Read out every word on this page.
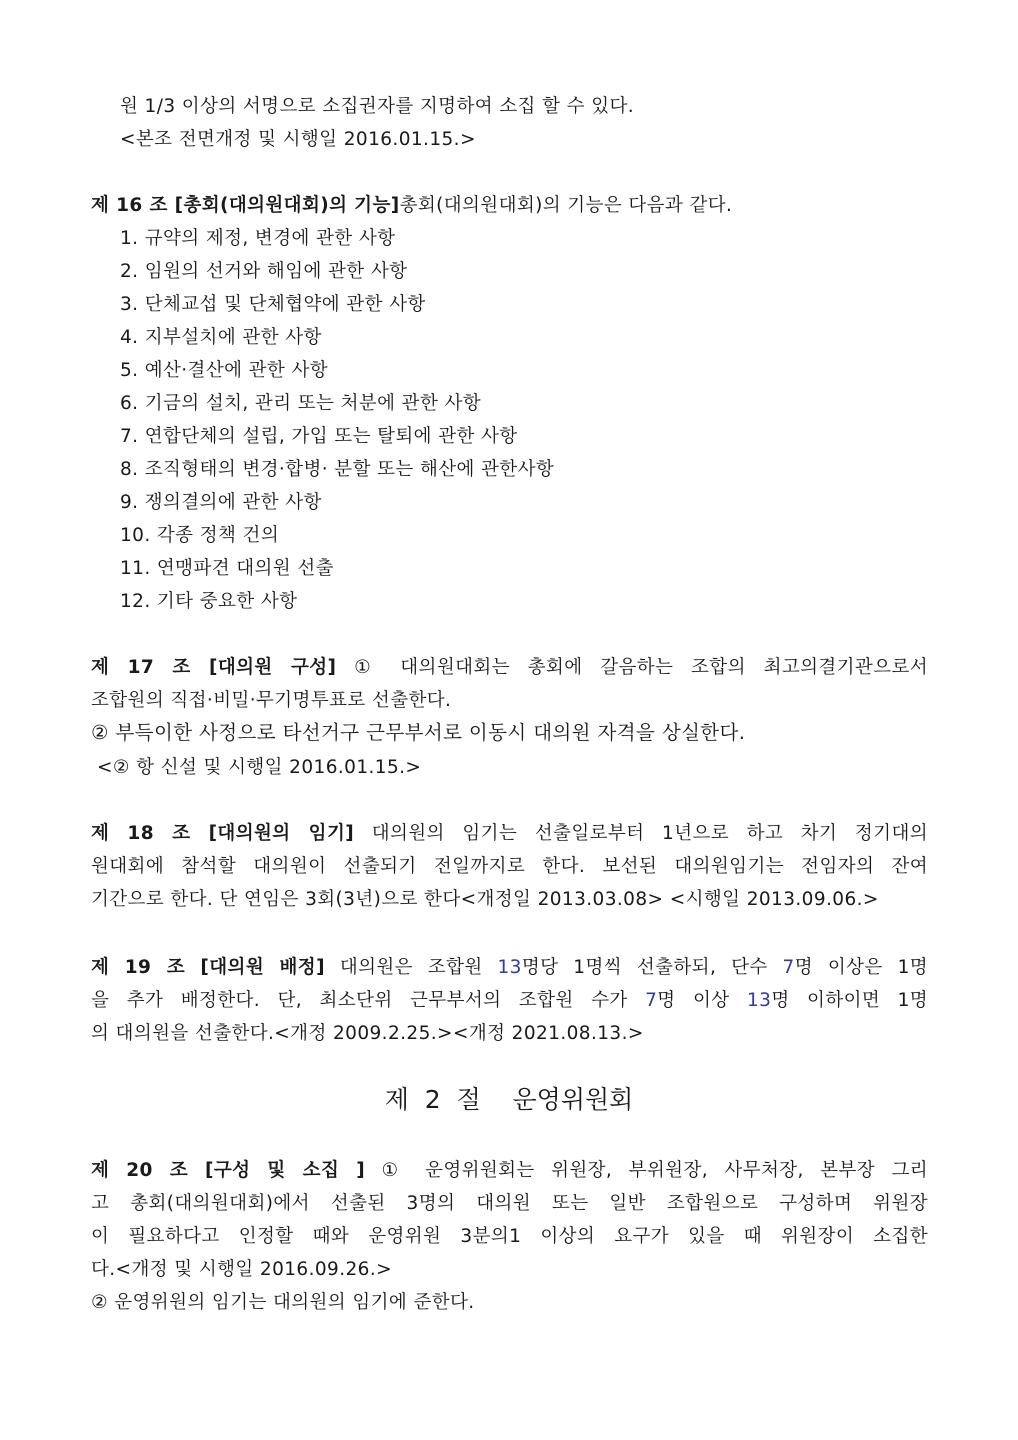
원 1/3 이상의 서명으로 소집권자를 지명하여 소집 할 수 있다.
<본조 전면개정 및 시행일 2016.01.15.>
제 16 조 [총회(대의원대회)의 기능]총회(대의원대회)의 기능은 다음과 같다.
1. 규약의 제정, 변경에 관한 사항
2. 임원의 선거와 해임에 관한 사항
3. 단체교섭 및 단체협약에 관한 사항
4. 지부설치에 관한 사항
5. 예산·결산에 관한 사항
6. 기금의 설치, 관리 또는 처분에 관한 사항
7. 연합단체의 설립, 가입 또는 탈퇴에 관한 사항
8. 조직형태의 변경·합병· 분할 또는 해산에 관한사항
9. 쟁의결의에 관한 사항
10. 각종 정책 건의
11. 연맹파견 대의원 선출
12. 기타 중요한 사항
제 17 조 [대의원 구성] ① 대의원대회는 총회에 갈음하는 조합의 최고의결기관으로서
조합원의 직접·비밀·무기명투표로 선출한다.
② 부득이한 사정으로 타선거구 근무부서로 이동시 대의원 자격을 상실한다.
<② 항 신설 및 시행일 2016.01.15.>
제 18 조 [대의원의 임기] 대의원의 임기는 선출일로부터 1년으로 하고 차기 정기대의
원대회에 참석할 대의원이 선출되기 전일까지로 한다. 보선된 대의원임기는 전임자의 잔여
기간으로 한다. 단 연임은 3회(3년)으로 한다<개정일 2013.03.08> <시행일 2013.09.06.>
제 19 조 [대의원 배정] 대의원은 조합원 13명당 1명씩 선출하되, 단수 7명 이상은 1명
을 추가 배정한다. 단, 최소단위 근무부서의 조합원 수가 7명 이상 13명 이하이면 1명
의 대의원을 선출한다.<개정 2009.2.25.><개정 2021.08.13.>
제  2  절    운영위원회
제 20 조 [구성 및 소집 ] ① 운영위원회는 위원장, 부위원장, 사무처장, 본부장 그리
고 총회(대의원대회)에서 선출된 3명의 대의원 또는 일반 조합원으로 구성하며 위원장
이 필요하다고 인정할 때와 운영위원 3분의1 이상의 요구가 있을 때 위원장이 소집한
다.<개정 및 시행일 2016.09.26.>
② 운영위원의 임기는 대의원의 임기에 준한다.
